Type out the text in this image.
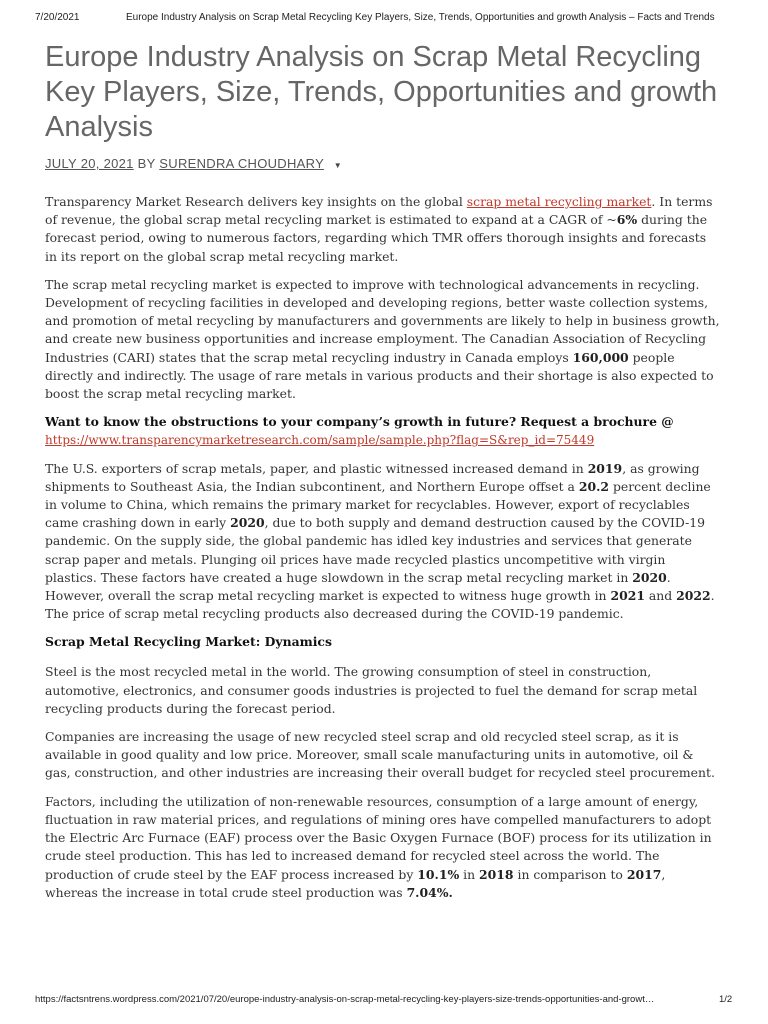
7/20/2021	Europe Industry Analysis on Scrap Metal Recycling Key Players, Size, Trends, Opportunities and growth Analysis – Facts and Trends
Europe Industry Analysis on Scrap Metal Recycling Key Players, Size, Trends, Opportunities and growth Analysis
JULY 20, 2021 BY SURENDRA CHOUDHARY ▼

Transparency Market Research delivers key insights on the global scrap metal recycling market. In terms of revenue, the global scrap metal recycling market is estimated to expand at a CAGR of ~6% during the forecast period, owing to numerous factors, regarding which TMR offers thorough insights and forecasts in its report on the global scrap metal recycling market.

The scrap metal recycling market is expected to improve with technological advancements in recycling. Development of recycling facilities in developed and developing regions, better waste collection systems, and promotion of metal recycling by manufacturers and governments are likely to help in business growth, and create new business opportunities and increase employment. The Canadian Association of Recycling Industries (CARI) states that the scrap metal recycling industry in Canada employs 160,000 people directly and indirectly. The usage of rare metals in various products and their shortage is also expected to boost the scrap metal recycling market.

Want to know the obstructions to your company’s growth in future? Request a brochure @
https://www.transparencymarketresearch.com/sample/sample.php?flag=S&rep_id=75449

The U.S. exporters of scrap metals, paper, and plastic witnessed increased demand in 2019, as growing shipments to Southeast Asia, the Indian subcontinent, and Northern Europe offset a 20.2 percent decline in volume to China, which remains the primary market for recyclables. However, export of recyclables came crashing down in early 2020, due to both supply and demand destruction caused by the COVID-19 pandemic. On the supply side, the global pandemic has idled key industries and services that generate scrap paper and metals. Plunging oil prices have made recycled plastics uncompetitive with virgin plastics. These factors have created a huge slowdown in the scrap metal recycling market in 2020. However, overall the scrap metal recycling market is expected to witness huge growth in 2021 and 2022. The price of scrap metal recycling products also decreased during the COVID-19 pandemic.

Scrap Metal Recycling Market: Dynamics

Steel is the most recycled metal in the world. The growing consumption of steel in construction, automotive, electronics, and consumer goods industries is projected to fuel the demand for scrap metal recycling products during the forecast period.

Companies are increasing the usage of new recycled steel scrap and old recycled steel scrap, as it is available in good quality and low price. Moreover, small scale manufacturing units in automotive, oil & gas, construction, and other industries are increasing their overall budget for recycled steel procurement.

Factors, including the utilization of non-renewable resources, consumption of a large amount of energy, fluctuation in raw material prices, and regulations of mining ores have compelled manufacturers to adopt the Electric Arc Furnace (EAF) process over the Basic Oxygen Furnace (BOF) process for its utilization in crude steel production. This has led to increased demand for recycled steel across the world. The production of crude steel by the EAF process increased by 10.1% in 2018 in comparison to 2017, whereas the increase in total crude steel production was 7.04%.

https://factsntrens.wordpress.com/2021/07/20/europe-industry-analysis-on-scrap-metal-recycling-key-players-size-trends-opportunities-and-growt…	1/2
